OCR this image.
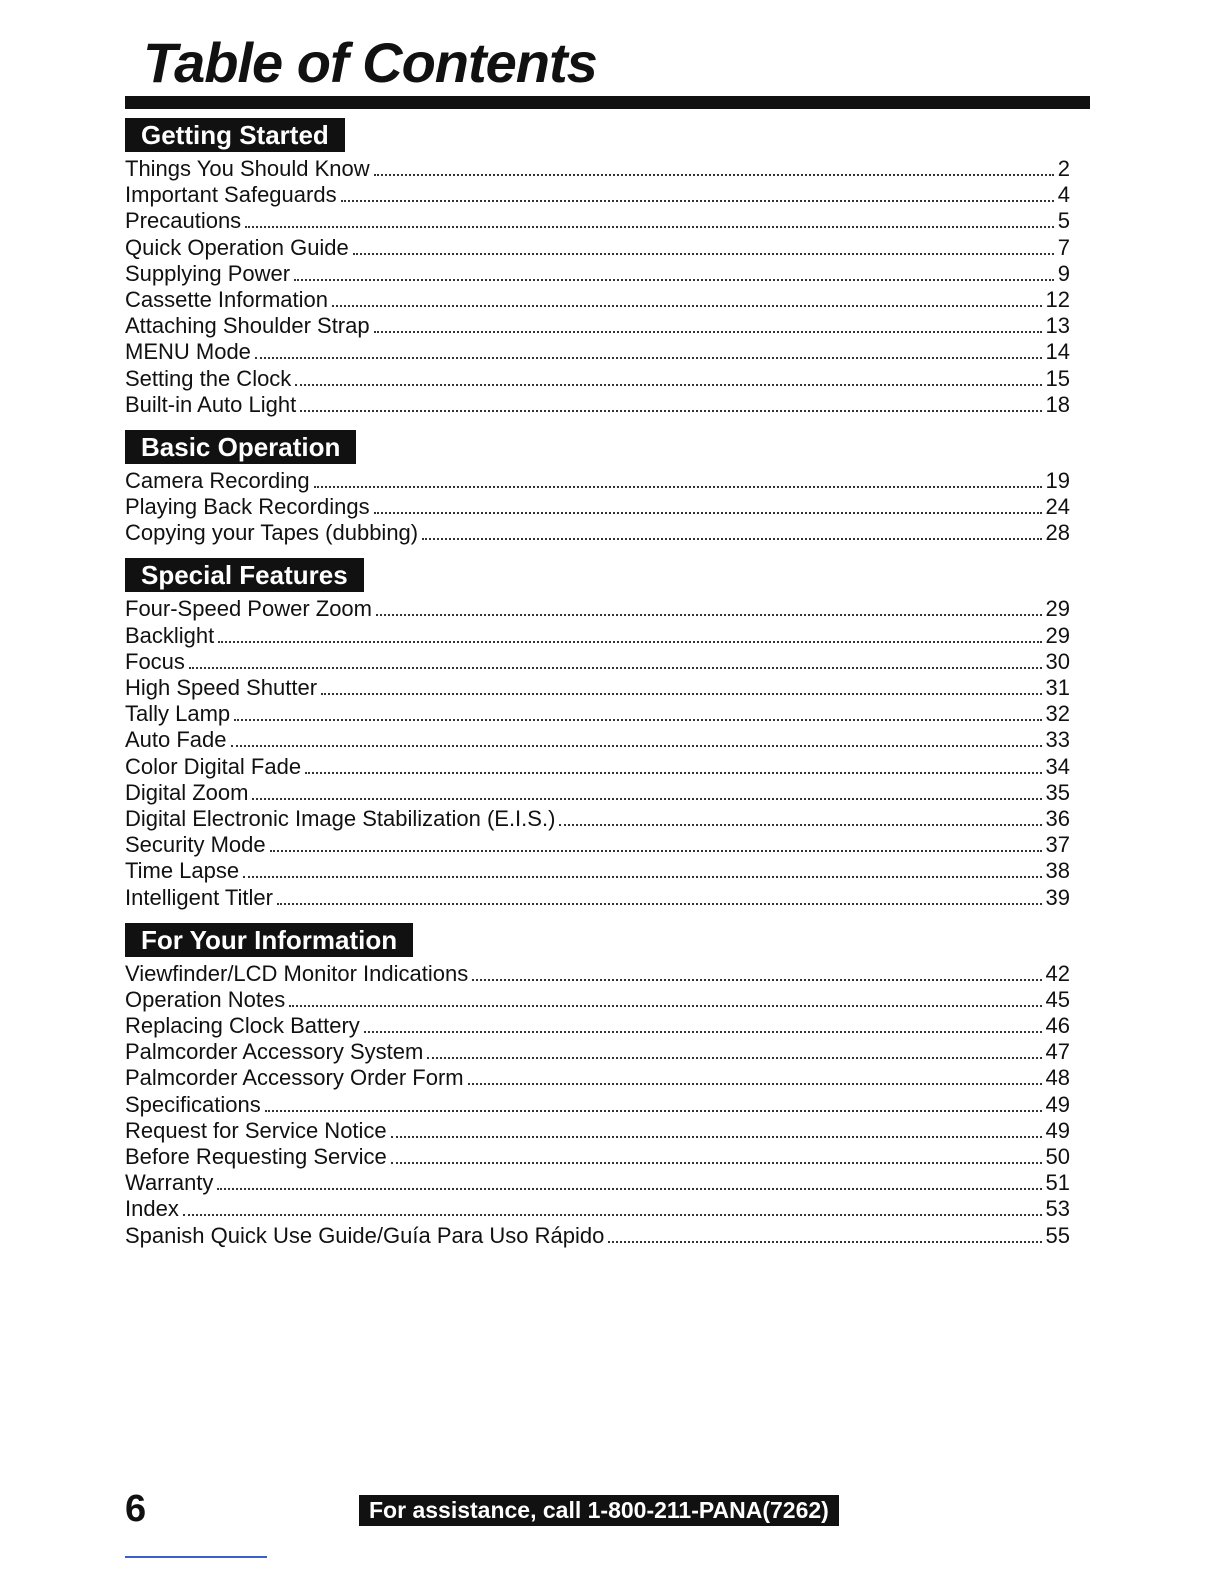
Table of Contents
Getting Started
Things You Should Know	2
Important Safeguards	4
Precautions	5
Quick Operation Guide	7
Supplying Power	9
Cassette Information	12
Attaching Shoulder Strap	13
MENU Mode	14
Setting the Clock	15
Built-in Auto Light	18
Basic Operation
Camera Recording	19
Playing Back Recordings	24
Copying your Tapes (dubbing)	28
Special Features
Four-Speed Power Zoom	29
Backlight	29
Focus	30
High Speed Shutter	31
Tally Lamp	32
Auto Fade	33
Color Digital Fade	34
Digital Zoom	35
Digital Electronic Image Stabilization (E.I.S.)	36
Security Mode	37
Time Lapse	38
Intelligent Titler	39
For Your Information
Viewfinder/LCD Monitor Indications	42
Operation Notes	45
Replacing Clock Battery	46
Palmcorder Accessory System	47
Palmcorder Accessory Order Form	48
Specifications	49
Request for Service Notice	49
Before Requesting Service	50
Warranty	51
Index	53
Spanish Quick Use Guide/Guía Para Uso Rápido	55
6	For assistance, call 1-800-211-PANA(7262)
